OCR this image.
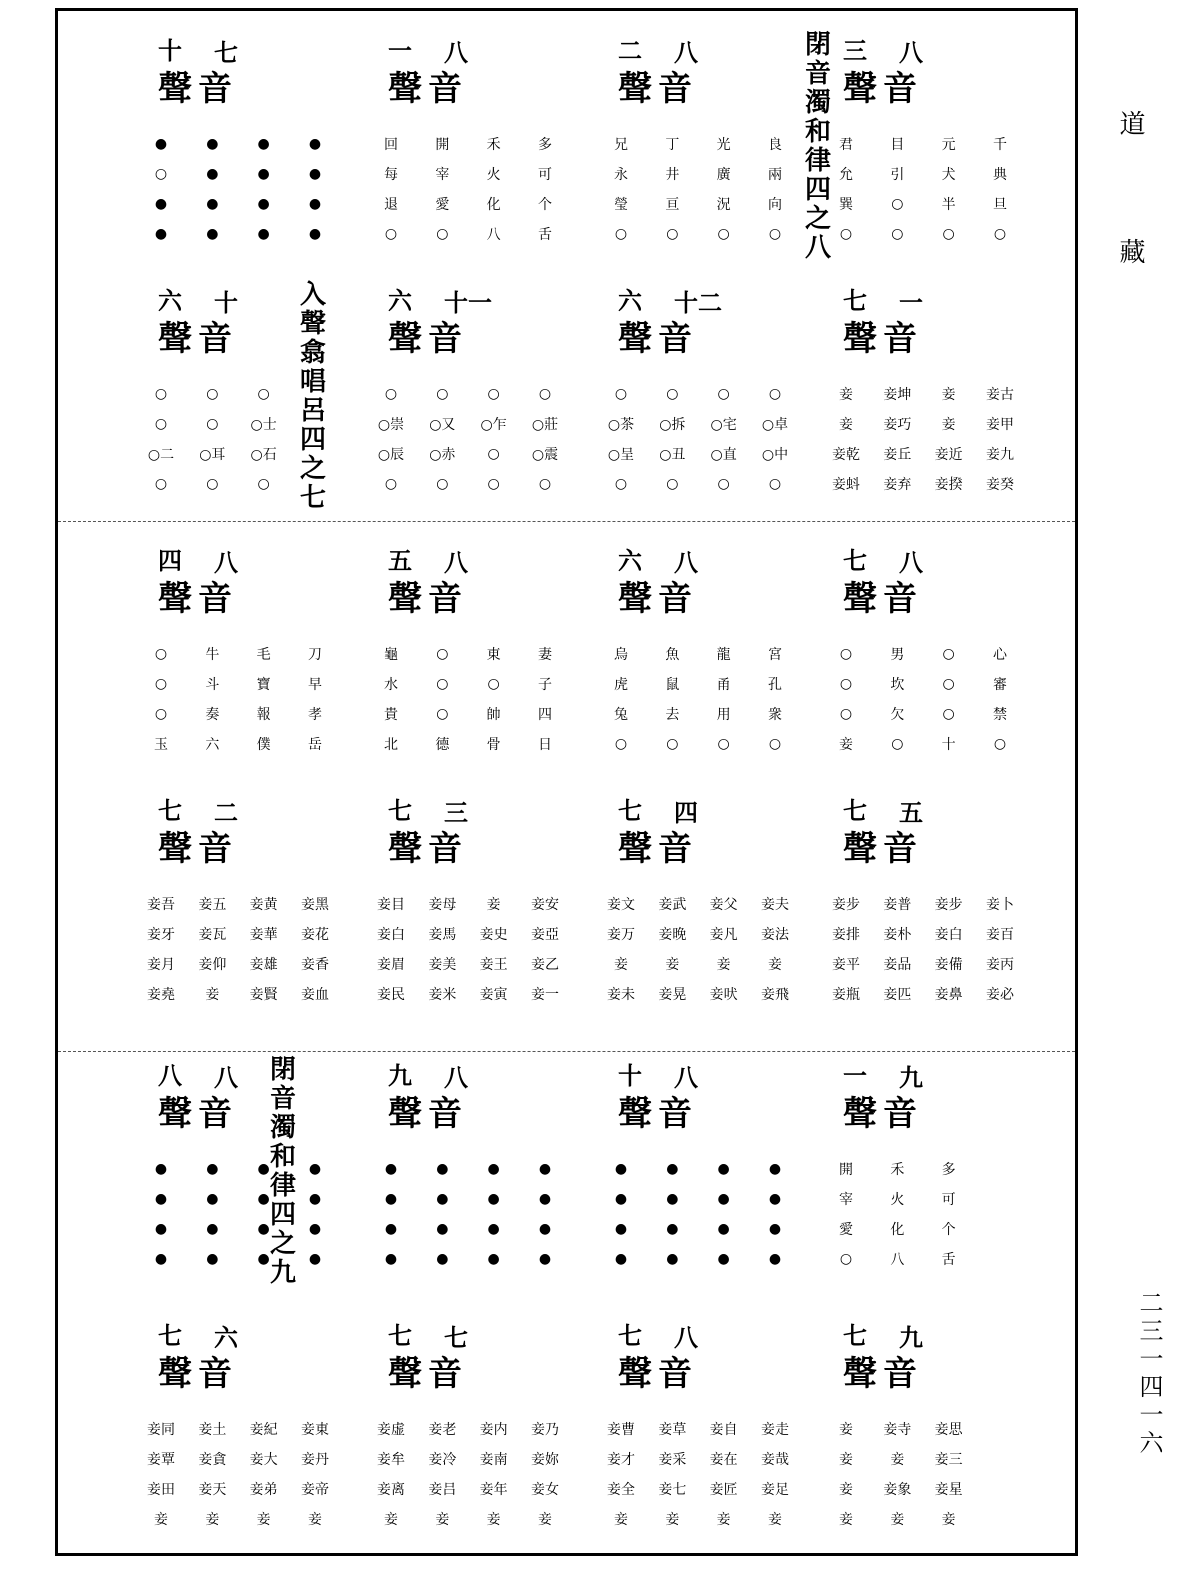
三 八
聲音
君	目	元	千
允	引	犬	典
巽	○	半	旦
○	○	○	○
二 八
聲音
兄	丁	光	良
永	井	廣	兩
瑩	亘	況	向
○	○	○	○
一 八
聲音
回	開	禾	多
每	宰	火	可
退	愛	化	个
○	○	八	舌
十 七
聲音
●	●	●	●
○	●	●	●
●	●	●	●
●	●	●	●
閉音濁和律四之八
七 一
聲音
妾	妾坤	妾	妾古
妾	妾巧	妾	妾甲
妾乾	妾丘	妾近	妾九
妾蚪	妾弃	妾揆	妾癸
六 十二
聲音
○	○	○	○
○茶	○拆	○宅	○卓
○呈	○丑	○直	○中
○	○	○	○
六 十一
聲音
○	○	○	○
○崇	○又	○乍	○莊
○辰	○赤	○	○震
○	○	○	○
六 十
聲音
○	○	○
○	○	○士
○二	○耳	○石
○	○	○
入聲翕唱呂四之七
七 八
聲音
○	男	○	心
○	坎	○	審
○	欠	○	禁
妾	○	十	○
六 八
聲音
烏	魚	龍	宮
虎	鼠	甬	孔
兔	去	用	衆
○	○	○	○
五 八
聲音
龜	○	東	妻
水	○	○	子
貴	○	帥	四
北	德	骨	日
四 八
聲音
○	牛	毛	刀
○	斗	寶	早
○	奏	報	孝
玉	六	僕	岳
七 五
聲音
妾步	妾普	妾步	妾卜
妾排	妾朴	妾白	妾百
妾平	妾品	妾備	妾丙
妾瓶	妾匹	妾鼻	妾必
七 四
聲音
妾文	妾武	妾父	妾夫
妾万	妾晚	妾凡	妾法
妾	妾	妾	妾
妾未	妾晃	妾吠	妾飛
七 三
聲音
妾目	妾母	妾	妾安
妾白	妾馬	妾史	妾亞
妾眉	妾美	妾王	妾乙
妾民	妾米	妾寅	妾一
七 二
聲音
妾吾	妾五	妾黄	妾黑
妾牙	妾瓦	妾華	妾花
妾月	妾仰	妾雄	妾香
妾堯	妾	妾賢	妾血
一 九
聲音
開	禾	多
宰	火	可
愛	化	个
○	八	舌
十 八
聲音
●	●	●	●
●	●	●	●
●	●	●	●
●	●	●	●
九 八
聲音
●	●	●	●
●	●	●	●
●	●	●	●
●	●	●	●
八 八
聲音
●	●	●	●
●	●	●	●
●	●	●	●
●	●	●	●
閉音濁和律四之九
七 九
聲音
妾	妾寺	妾思
妾	妾	妾三
妾	妾象	妾星
妾	妾	妾
七 八
聲音
妾曹	妾草	妾自	妾走
妾才	妾采	妾在	妾哉
妾全	妾七	妾匠	妾足
妾	妾	妾	妾
七 七
聲音
妾虚	妾老	妾内	妾乃
妾牟	妾冷	妾南	妾妳
妾离	妾吕	妾年	妾女
妾	妾	妾	妾
七 六
聲音
妾同	妾土	妾紀	妾東
妾覃	妾貪	妾大	妾丹
妾田	妾天	妾弟	妾帝
妾	妾	妾	妾
道
藏
二三一四一六
